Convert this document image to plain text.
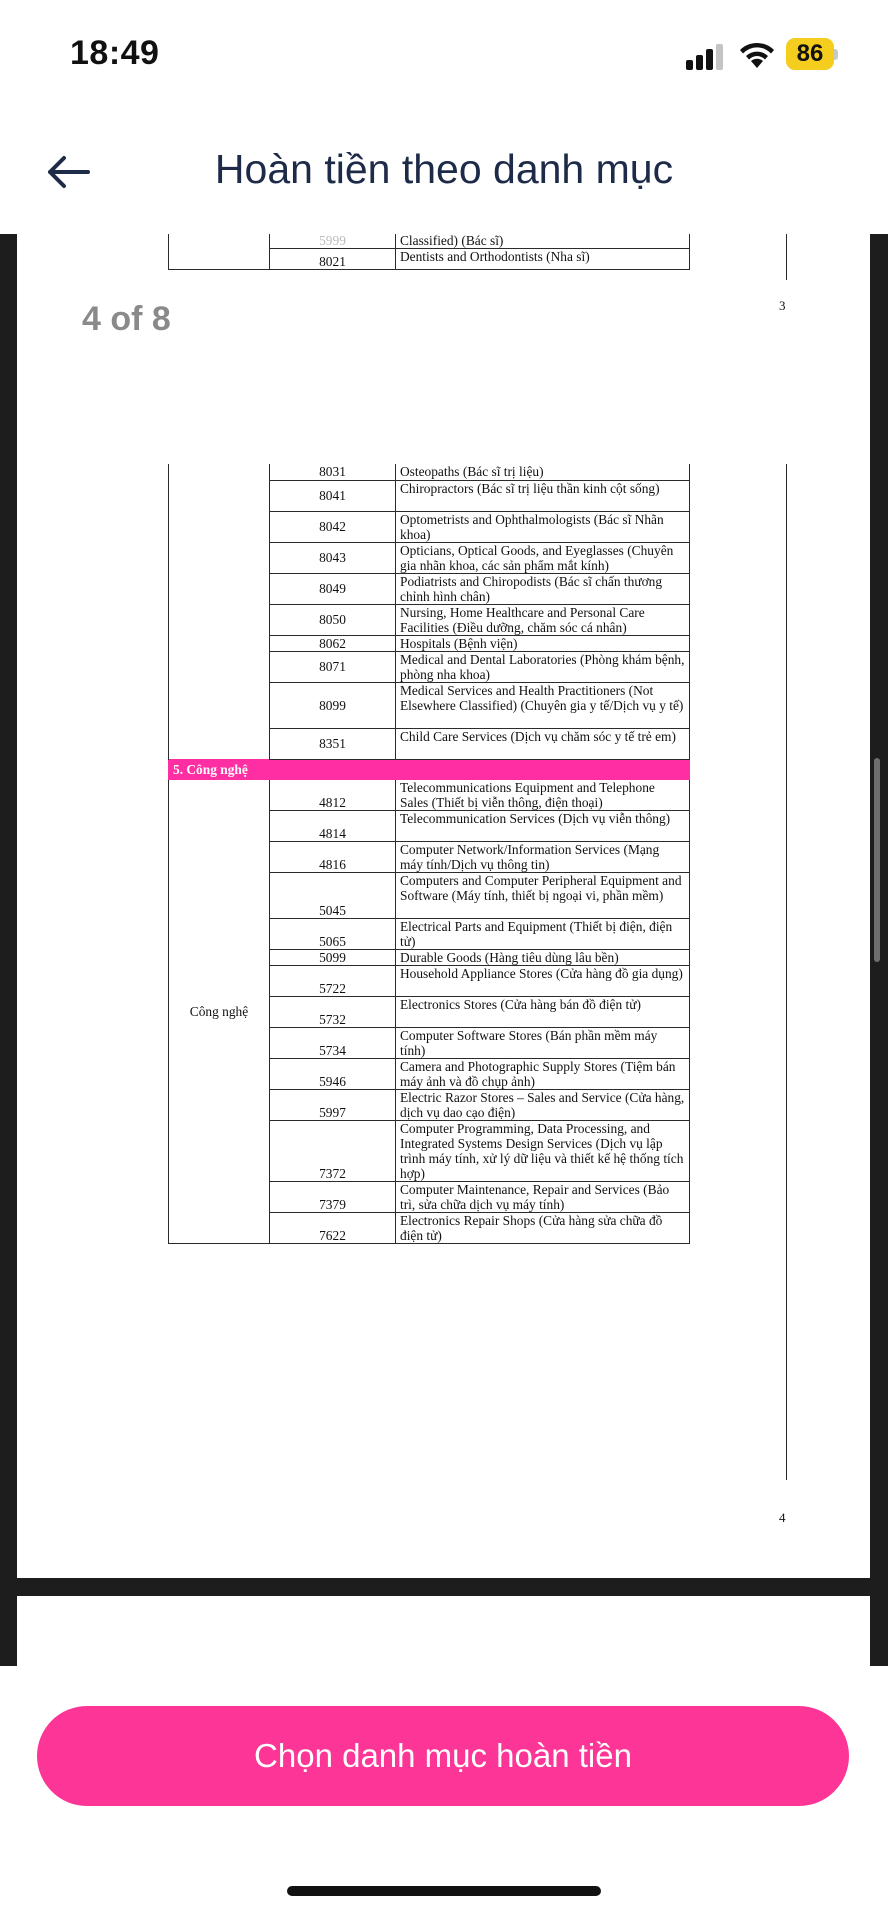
18:49	86
Hoàn tiền theo danh mục
	5999	Classified) (Bác sĩ)
	8021	Dentists and Orthodontists (Nha sĩ)
3
	8031	Osteopaths (Bác sĩ trị liệu)
	8041	Chiropractors (Bác sĩ trị liệu thần kinh cột sống)
	8042	Optometrists and Ophthalmologists (Bác sĩ Nhãn khoa)
	8043	Opticians, Optical Goods, and Eyeglasses (Chuyên gia nhãn khoa, các sản phẩm mắt kính)
	8049	Podiatrists and Chiropodists (Bác sĩ chấn thương chỉnh hình chân)
	8050	Nursing, Home Healthcare and Personal Care Facilities (Điều dưỡng, chăm sóc cá nhân)
	8062	Hospitals (Bệnh viện)
	8071	Medical and Dental Laboratories (Phòng khám bệnh, phòng nha khoa)
	8099	Medical Services and Health Practitioners (Not Elsewhere Classified) (Chuyên gia y tế/Dịch vụ y tế)
	8351	Child Care Services (Dịch vụ chăm sóc y tế trẻ em)
5. Công nghệ		
Công nghệ	4812	Telecommunications Equipment and Telephone Sales (Thiết bị viễn thông, điện thoại)
	4814	Telecommunication Services (Dịch vụ viễn thông)
	4816	Computer Network/Information Services (Mạng máy tính/Dịch vụ thông tin)
	5045	Computers and Computer Peripheral Equipment and Software (Máy tính, thiết bị ngoại vi, phần mềm)
	5065	Electrical Parts and Equipment (Thiết bị điện, điện tử)
	5099	Durable Goods (Hàng tiêu dùng lâu bền)
	5722	Household Appliance Stores (Cửa hàng đồ gia dụng)
	5732	Electronics Stores (Cửa hàng bán đồ điện tử)
	5734	Computer Software Stores (Bán phần mềm máy tính)
	5946	Camera and Photographic Supply Stores (Tiệm bán máy ảnh và đồ chụp ảnh)
	5997	Electric Razor Stores – Sales and Service (Cửa hàng, dịch vụ dao cạo điện)
	7372	Computer Programming, Data Processing, and Integrated Systems Design Services (Dịch vụ lập trình máy tính, xử lý dữ liệu và thiết kế hệ thống tích hợp)
	7379	Computer Maintenance, Repair and Services (Bảo trì, sửa chữa dịch vụ máy tính)
	7622	Electronics Repair Shops (Cửa hàng sửa chữa đồ điện tử)
4
4 of 8
Chọn danh mục hoàn tiền
